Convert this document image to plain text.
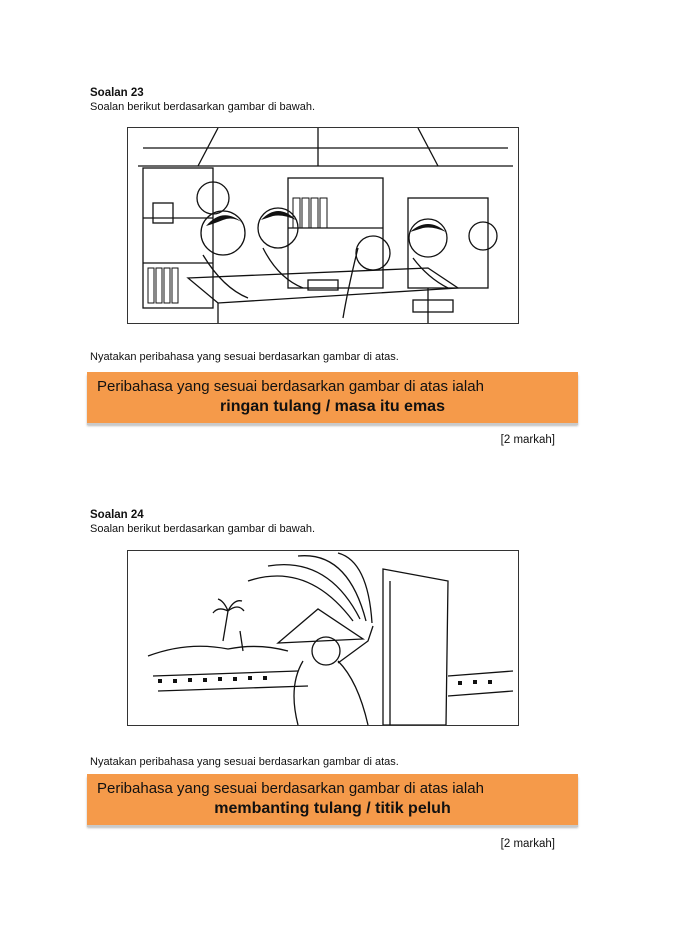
Soalan 23

Soalan berikut berdasarkan gambar di bawah.

Nyatakan peribahasa yang sesuai berdasarkan gambar di atas.
Peribahasa yang sesuai berdasarkan gambar di atas ialah
ringan tulang / masa itu emas
[2 markah]

Soalan 24

Soalan berikut berdasarkan gambar di bawah.

Nyatakan peribahasa yang sesuai berdasarkan gambar di atas.
Peribahasa yang sesuai berdasarkan gambar di atas ialah
membanting tulang / titik peluh
[2 markah]
